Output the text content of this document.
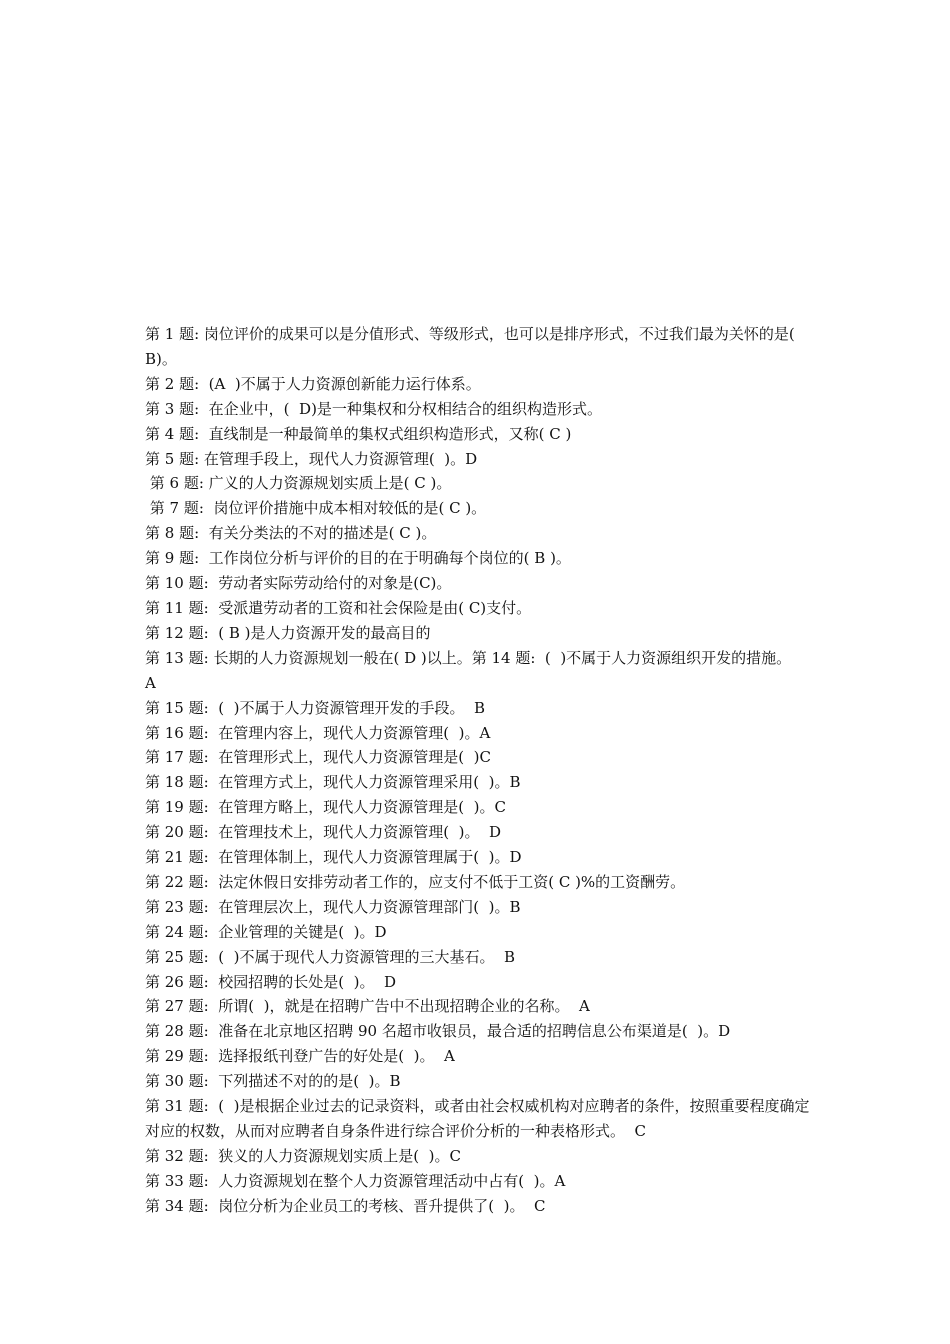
第 1 题: 岗位评价的成果可以是分值形式、等级形式，也可以是排序形式，不过我们最为关怀的是(  B)。

第 2 题:  (A  )不属于人力资源创新能力运行体系。

第 3 题:  在企业中，(  D)是一种集权和分权相结合的组织构造形式。

第 4 题:  直线制是一种最简单的集权式组织构造形式，又称( C )

第 5 题: 在管理手段上，现代人力资源管理(  )。D

第 6 题: 广义的人力资源规划实质上是( C )。

第 7 题:  岗位评价措施中成本相对较低的是( C )。

第 8 题:  有关分类法的不对的描述是( C )。

第 9 题:  工作岗位分析与评价的目的在于明确每个岗位的( B )。

第 10 题:  劳动者实际劳动给付的对象是(C)。

第 11 题:  受派遣劳动者的工资和社会保险是由( C)支付。

第 12 题:  ( B )是人力资源开发的最高目的

第 13 题: 长期的人力资源规划一般在( D )以上。第 14 题:  (  )不属于人力资源组织开发的措施。  A

第 15 题:  (  )不属于人力资源管理开发的手段。  B

第 16 题:  在管理内容上，现代人力资源管理(  )。A

第 17 题:  在管理形式上，现代人力资源管理是(  )C

第 18 题:  在管理方式上，现代人力资源管理采用(  )。B

第 19 题:  在管理方略上，现代人力资源管理是(  )。C

第 20 题:  在管理技术上，现代人力资源管理(  )。  D

第 21 题:  在管理体制上，现代人力资源管理属于(  )。D

第 22 题:  法定休假日安排劳动者工作的，应支付不低于工资( C )%的工资酬劳。

第 23 题:  在管理层次上，现代人力资源管理部门(  )。B

第 24 题:  企业管理的关键是(  )。D

第 25 题:  (  )不属于现代人力资源管理的三大基石。  B

第 26 题:  校园招聘的长处是(  )。  D

第 27 题:  所谓(  )，就是在招聘广告中不出现招聘企业的名称。  A

第 28 题:  准备在北京地区招聘 90 名超市收银员，最合适的招聘信息公布渠道是(  )。D

第 29 题:  选择报纸刊登广告的好处是(  )。  A

第 30 题:  下列描述不对的的是(  )。B

第 31 题:  (  )是根据企业过去的记录资料，或者由社会权威机构对应聘者的条件，按照重要程度确定对应的权数，从而对应聘者自身条件进行综合评价分析的一种表格形式。  C

第 32 题:  狭义的人力资源规划实质上是(  )。C

第 33 题:  人力资源规划在整个人力资源管理活动中占有(  )。A

第 34 题:  岗位分析为企业员工的考核、晋升提供了(  )。  C
